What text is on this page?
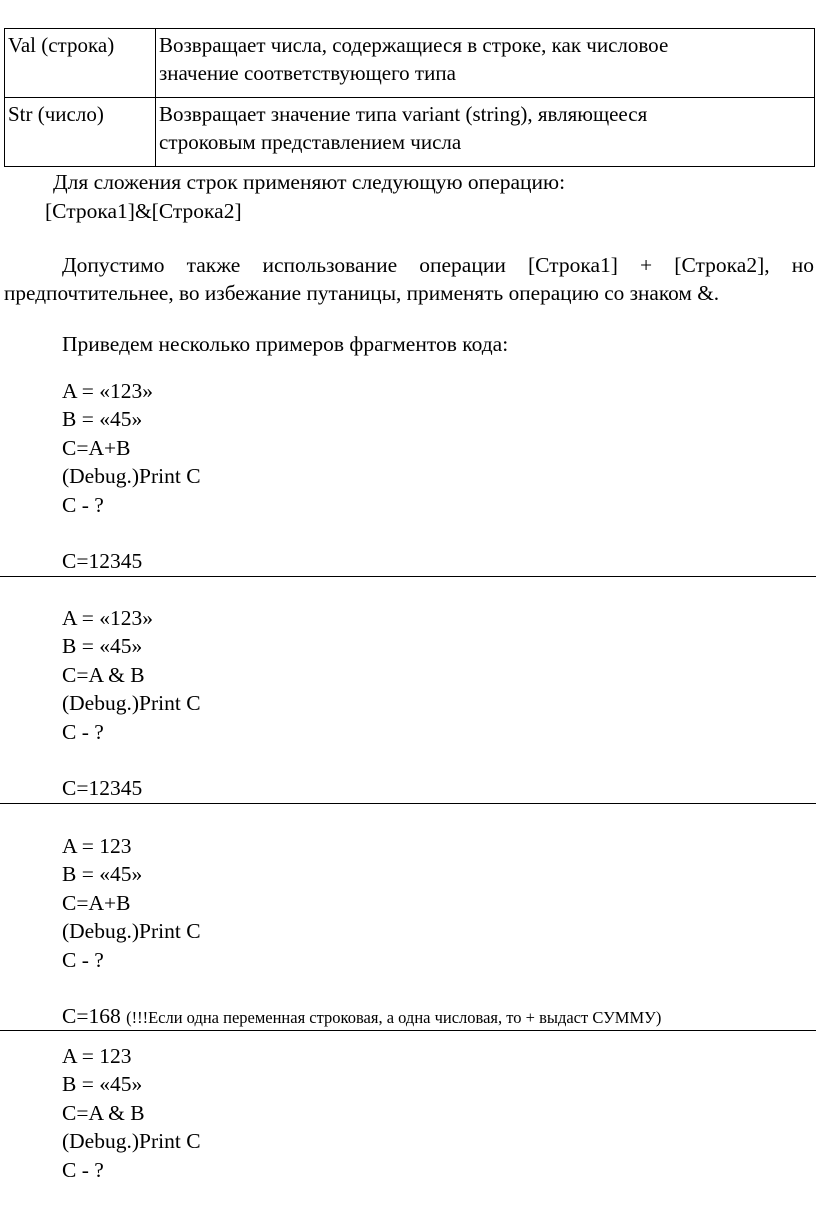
Val (строка)	Возвращает числа, содержащиеся в строке, как числовое
значение соответствующего типа

Str (число)	Возвращает значение типа variant (string), являющееся
строковым представлением числа
Для сложения строк применяют следующую операцию:
[Строка1]&[Строка2]
Допустимо также использование операции [Строка1] + [Строка2], но
предпочтительнее, во избежание путаницы, применять операцию со знаком &.
Приведем несколько примеров фрагментов кода:
A = «123»
B = «45»
C=A+B
(Debug.)Print C
C - ?
C=12345
A = «123»
B = «45»
C=A & B
(Debug.)Print C
C - ?
C=12345
A = 123
B = «45»
C=A+B
(Debug.)Print C
C - ?
C=168 (!!!Если одна переменная строковая, а одна числовая, то + выдаст СУММУ)
A = 123
B = «45»
C=A & B
(Debug.)Print C
C - ?
